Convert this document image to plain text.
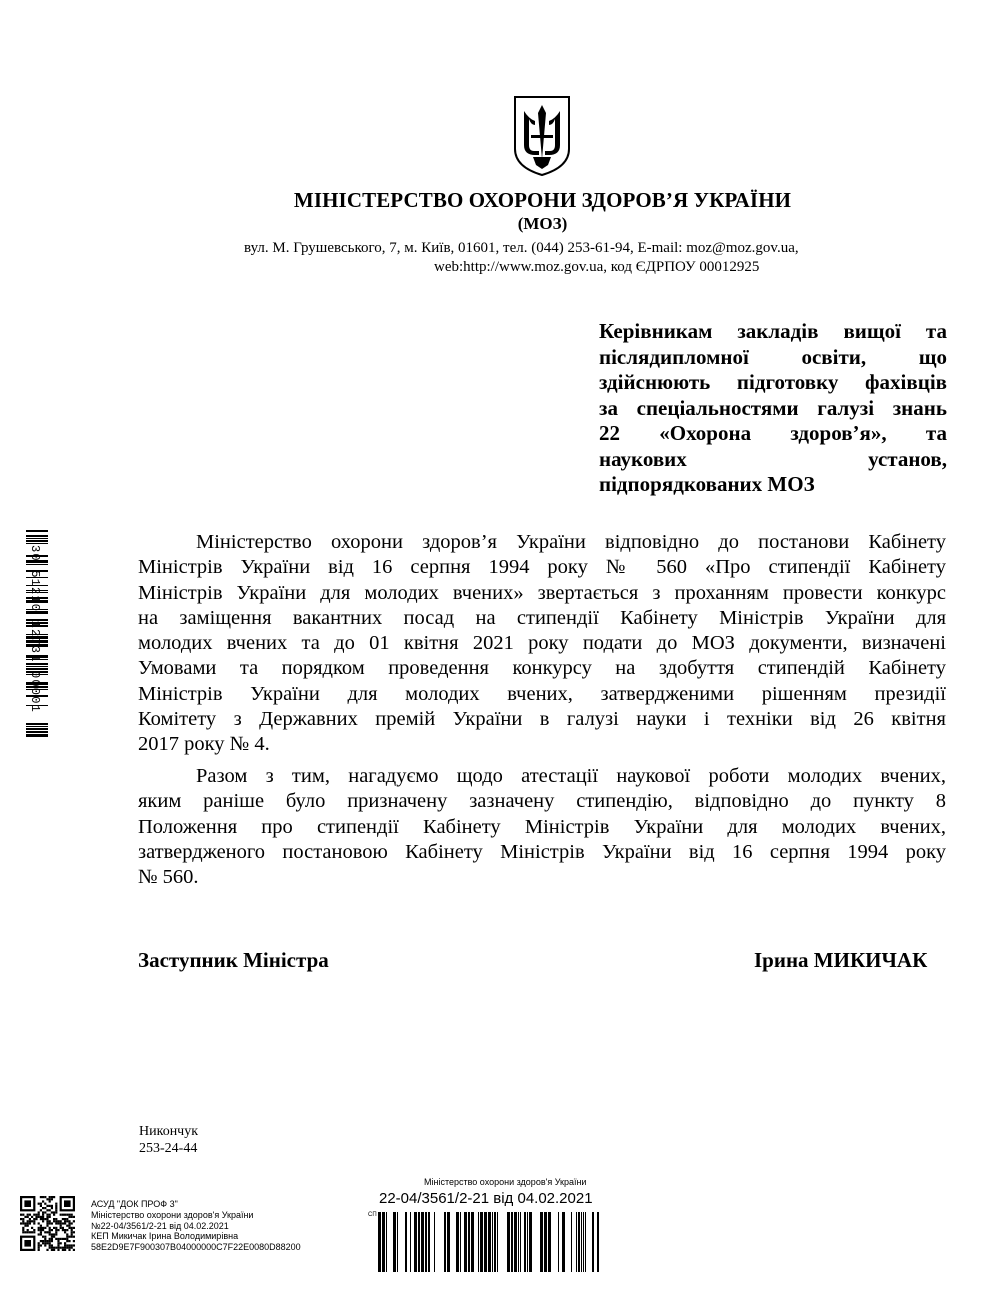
МІНІСТЕРСТВО ОХОРОНИ ЗДОРОВ’Я УКРАЇНИ
(МОЗ)
вул. М. Грушевського, 7, м. Київ, 01601, тел. (044) 253-61-94, E-mail: moz@moz.gov.ua,
web:http://www.moz.gov.ua, код ЄДРПОУ 00012925
Керівникам закладів вищої та
післядипломної освіти, що
здійснюють підготовку фахівців
за спеціальностями галузі знань
22 «Охорона здоров’я», та
наукових установ,
підпорядкованих МОЗ
Міністерство охорони здоров’я України відповідно до постанови Кабінету
Міністрів України від 16 серпня 1994 року № 560 «Про стипендії Кабінету
Міністрів України для молодих вчених» звертається з проханням провести конкурс
на заміщення вакантних посад на стипендії Кабінету Міністрів України для
молодих вчених та до 01 квітня 2021 року подати до МОЗ документи, визначені
Умовами та порядком проведення конкурсу на здобуття стипендій Кабінету
Міністрів України для молодих вчених, затвердженими рішенням президії
Комітету з Державних премій України в галузі науки і техніки від 26 квітня
2017 року № 4.
Разом з тим, нагадуємо щодо атестації наукової роботи молодих вчених,
яким раніше було призначену зазначену стипендію, відповідно до пункту 8
Положення про стипендії Кабінету Міністрів України для молодих вчених,
затвердженого постановою Кабінету Міністрів України від 16 серпня 1994 року
№ 560.
Заступник Міністра	Ірина МИКИЧАК
Никончук
253-24-44
30 51210 12731 00001
АСУД "ДОК ПРОФ 3"
Міністерство охорони здоров'я України
№22-04/3561/2-21 від 04.02.2021
КЕП Микичак Ірина Володимирівна
58E2D9E7F900307B04000000C7F22E0080D88200
Міністерство охорони здоров'я України
22-04/3561/2-21 від 04.02.2021
СП
